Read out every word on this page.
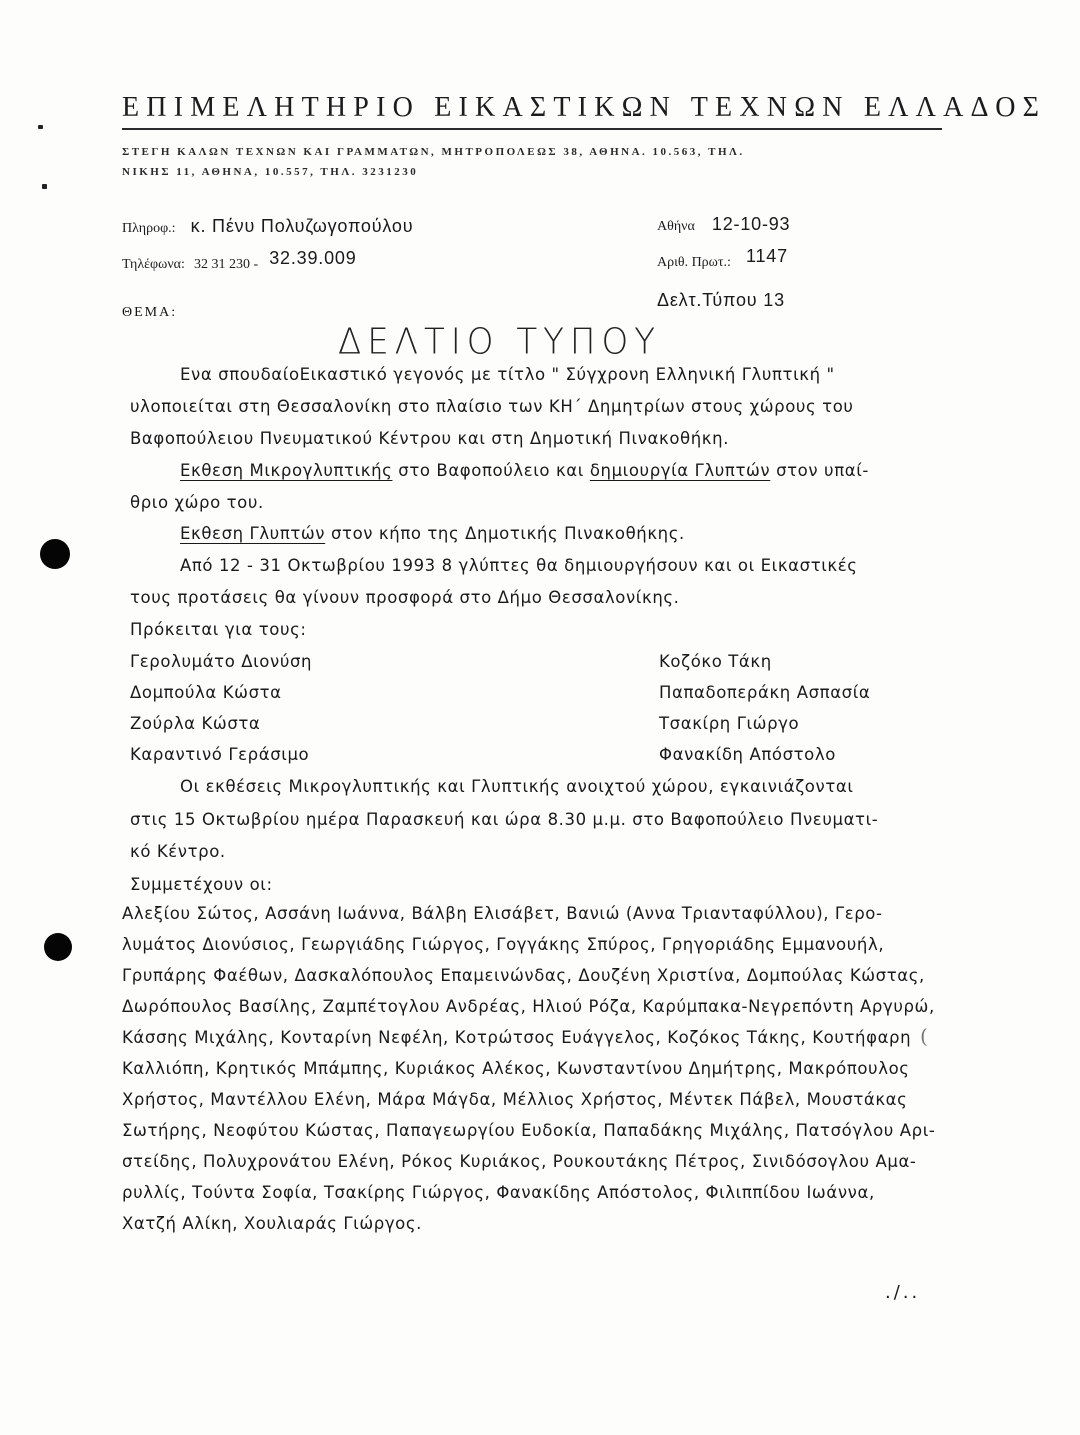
ΕΠΙΜΕΛΗΤΗΡΙΟ ΕΙΚΑΣΤΙΚΩΝ ΤΕΧΝΩΝ ΕΛΛΑΔΟΣ
ΣΤΕΓΗ ΚΑΛΩΝ ΤΕΧΝΩΝ ΚΑΙ ΓΡΑΜΜΑΤΩΝ, ΜΗΤΡΟΠΟΛΕΩΣ 38, ΑΘΗΝΑ. 10.563, ΤΗΛ.
ΝΙΚΗΣ 11, ΑΘΗΝΑ, 10.557, ΤΗΛ. 3231230
Πληροφ.: κ. Πένυ Πολυζωγοπούλου
Τηλέφωνα: 32 31 230 - 32.39.009
ΘΕΜΑ:
Αθήνα 12-10-93
Αριθ. Πρωτ.: 1147
Δελτ.Τύπου 13
ΔΕΛΤΙΟ ΤΥΠΟΥ
Ενα σπουδαίοΕικαστικό γεγονός με τίτλο " Σύγχρονη Ελληνική Γλυπτική "
υλοποιείται στη Θεσσαλονίκη στο πλαίσιο των ΚΗ΄ Δημητρίων στους χώρους του
Βαφοπούλειου Πνευματικού Κέντρου και στη Δημοτική Πινακοθήκη.
Εκθεση Μικρογλυπτικής στο Βαφοπούλειο και δημιουργία Γλυπτών στον υπαί-
θριο χώρο του.
Εκθεση Γλυπτών στον κήπο της Δημοτικής Πινακοθήκης.
Από 12 - 31 Οκτωβρίου 1993 8 γλύπτες θα δημιουργήσουν και οι Εικαστικές
τους προτάσεις θα γίνουν προσφορά στο Δήμο Θεσσαλονίκης.
Πρόκειται για τους:
Γερολυμάτο Διονύση
Δομπούλα Κώστα
Ζούρλα Κώστα
Καραντινό Γεράσιμο
Κοζόκο Τάκη
Παπαδοπεράκη Ασπασία
Τσακίρη Γιώργο
Φανακίδη Απόστολο
Οι εκθέσεις Μικρογλυπτικής και Γλυπτικής ανοιχτού χώρου, εγκαινιάζονται
στις 15 Οκτωβρίου ημέρα Παρασκευή και ώρα 8.30 μ.μ. στο Βαφοπούλειο Πνευματι-
κό Κέντρο.
Συμμετέχουν οι:
Αλεξίου Σώτος, Ασσάνη Ιωάννα, Βάλβη Ελισάβετ, Βανιώ (Αννα Τριανταφύλλου), Γερο-
λυμάτος Διονύσιος, Γεωργιάδης Γιώργος, Γογγάκης Σπύρος, Γρηγοριάδης Εμμανουήλ,
Γρυπάρης Φαέθων, Δασκαλόπουλος Επαμεινώνδας, Δουζένη Χριστίνα, Δομπούλας Κώστας,
Δωρόπουλος Βασίλης, Ζαμπέτογλου Ανδρέας, Ηλιού Ρόζα, Καρύμπακα-Νεγρεπόντη Αργυρώ,
Κάσσης Μιχάλης, Κονταρίνη Νεφέλη, Κοτρώτσος Ευάγγελος, Κοζόκος Τάκης, Κουτήφαρη
Καλλιόπη, Κρητικός Μπάμπης, Κυριάκος Αλέκος, Κωνσταντίνου Δημήτρης, Μακρόπουλος
Χρήστος, Μαντέλλου Ελένη, Μάρα Μάγδα, Μέλλιος Χρήστος, Μέντεκ Πάβελ, Μουστάκας
Σωτήρης, Νεοφύτου Κώστας, Παπαγεωργίου Ευδοκία, Παπαδάκης Μιχάλης, Πατσόγλου Αρι-
στείδης, Πολυχρονάτου Ελένη, Ρόκος Κυριάκος, Ρουκουτάκης Πέτρος, Σινιδόσογλου Αμα-
ρυλλίς, Τούντα Σοφία, Τσακίρης Γιώργος, Φανακίδης Απόστολος, Φιλιππίδου Ιωάννα,
Χατζή Αλίκη, Χουλιαράς Γιώργος.
(
./..
